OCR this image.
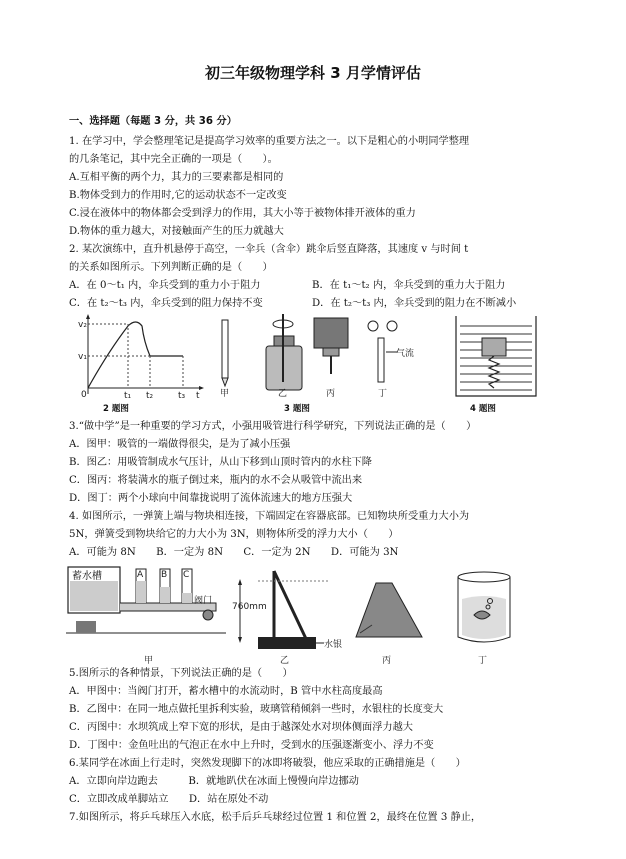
初三年级物理学科 3 月学情评估
一、选择题（每题 3 分，共 36 分）
1. 在学习中，学会整理笔记是提高学习效率的重要方法之一。以下是粗心的小明同学整理
的几条笔记，其中完全正确的一项是（　　）。
A.互相平衡的两个力，其力的三要素都是相同的
B.物体受到力的作用时,它的运动状态不一定改变
C.浸在液体中的物体都会受到浮力的作用，其大小等于被物体排开液体的重力
D.物体的重力越大，对接触面产生的压力就越大
2. 某次演练中，直升机悬停于高空，一伞兵（含伞）跳伞后竖直降落，其速度 v 与时间 t
的关系如图所示。下列判断正确的是（　　）
A．在 0～t₁ 内，伞兵受到的重力小于阻力	B．在 t₁～t₂ 内，伞兵受到的重力大于阻力
C．在 t₂～t₃ 内，伞兵受到的阻力保持不变	D．在 t₂～t₃ 内，伞兵受到的阻力在不断减小
v₂
v₁
0	t₁ t₂	t₃ t
气流
甲	乙	丙	丁
2 题图	3 题图	4 题图
3.“做中学”是一种重要的学习方式，小强用吸管进行科学研究，下列说法正确的是（　　）
A．图甲：吸管的一端做得很尖，是为了减小压强
B．图乙：用吸管制成水气压计，从山下移到山顶时管内的水柱下降
C．图丙：将装满水的瓶子倒过来，瓶内的水不会从吸管中流出来
D．图丁：两个小球向中间靠拢说明了流体流速大的地方压强大
4. 如图所示，一弹簧上端与物块相连接，下端固定在容器底部。已知物块所受重力大小为
5N，弹簧受到物块给它的力大小为 3N，则物体所受的浮力大小（　　）
A．可能为 8N　　B．一定为 8N　　C．一定为 2N　　D．可能为 3N
蓄水槽	A B C
阀门
甲
760mm
水银
乙	丙	丁
5.图所示的各种情景，下列说法正确的是（　　）
A．甲图中：当阀门打开，蓄水槽中的水流动时，B 管中水柱高度最高
B．乙图中：在同一地点做托里拆利实验，玻璃管稍倾斜一些时，水银柱的长度变大
C．丙图中：水坝筑成上窄下宽的形状，是由于越深处水对坝体侧面浮力越大
D．丁图中：金鱼吐出的气泡正在水中上升时，受到水的压强逐渐变小、浮力不变
6.某同学在冰面上行走时，突然发现脚下的冰即将破裂，他应采取的正确措施是（　　）
A．立即向岸边跑去　　　B．就地趴伏在冰面上慢慢向岸边挪动
C．立即改成单脚站立　　D．站在原处不动
7.如图所示，将乒乓球压入水底，松手后乒乓球经过位置 1 和位置 2，最终在位置 3 静止，
